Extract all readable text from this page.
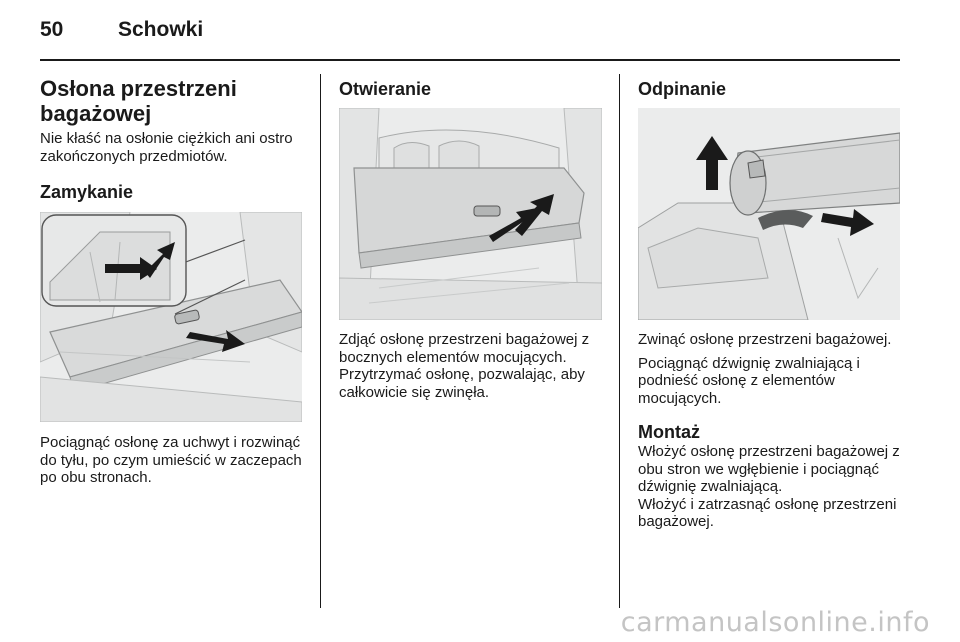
50	Schowki
Osłona przestrzeni bagażowej

Nie kłaść na osłonie ciężkich ani ostro zakończonych przedmiotów.

Zamykanie

Pociągnąć osłonę za uchwyt i rozwinąć do tyłu, po czym umieścić w zaczepach po obu stronach.

Otwieranie

Zdjąć osłonę przestrzeni bagażowej z bocznych elementów mocujących. Przytrzymać osłonę, pozwalając, aby całkowicie się zwinęła.

Odpinanie

Zwinąć osłonę przestrzeni bagażowej.

Pociągnąć dźwignię zwalniającą i podnieść osłonę z elementów mocujących.

Montaż

Włożyć osłonę przestrzeni bagażowej z obu stron we wgłębienie i pociągnąć dźwignię zwalniającą.

Włożyć i zatrzasnąć osłonę przestrzeni bagażowej.

carmanualsonline.info
